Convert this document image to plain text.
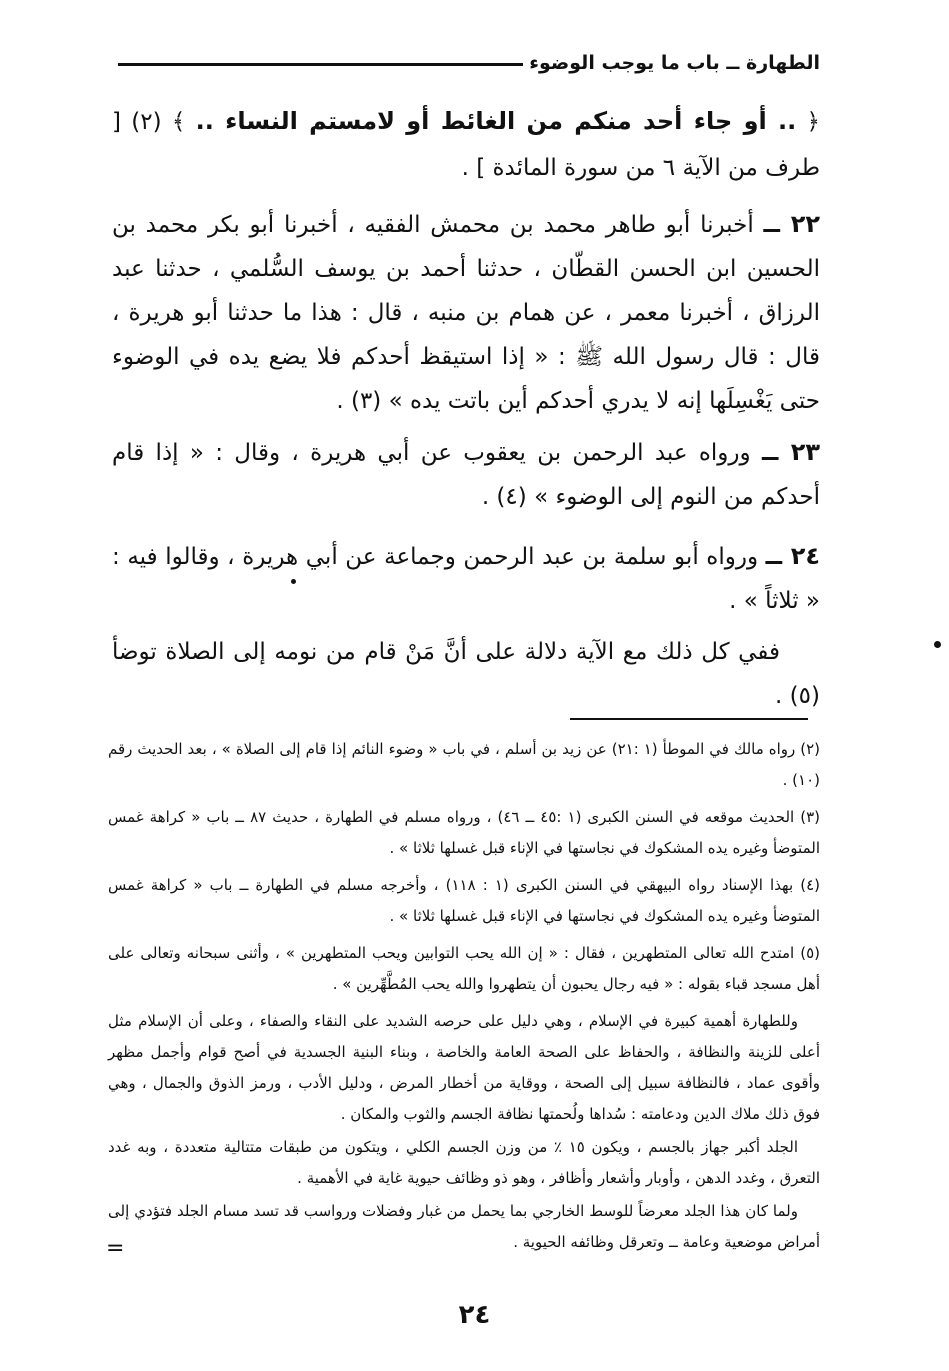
الطهارة ــ باب ما يوجب الوضوء
﴿ .. أو جاء أحد منكم من الغائط أو لامستم النساء .. ﴾ (٢) [ طرف من الآية ٦ من سورة المائدة ] .
٢٢ ــ أخبرنا أبو طاهر محمد بن محمش الفقيه ، أخبرنا أبو بكر محمد بن الحسين ابن الحسن القطّان ، حدثنا أحمد بن يوسف السُّلمي ، حدثنا عبد الرزاق ، أخبرنا معمر ، عن همام بن منبه ، قال : هذا ما حدثنا أبو هريرة ، قال : قال رسول الله ﷺ : « إذا استيقظ أحدكم فلا يضع يده في الوضوء حتى يَغْسِلَها إنه لا يدري أحدكم أين باتت يده » (٣) .
٢٣ ــ ورواه عبد الرحمن بن يعقوب عن أبي هريرة ، وقال : « إذا قام أحدكم من النوم إلى الوضوء » (٤) .
٢٤ ــ ورواه أبو سلمة بن عبد الرحمن وجماعة عن أبي هريرة ، وقالوا فيه : « ثلاثاً » .
ففي كل ذلك مع الآية دلالة على أنَّ مَنْ قام من نومه إلى الصلاة توضأ (٥) .

(٢) رواه مالك في الموطأ (١ :٢١) عن زيد بن أسلم ، في باب « وضوء النائم إذا قام إلى الصلاة » ، بعد الحديث رقم (١٠) .

(٣) الحديث موقعه في السنن الكبرى (١ :٤٥ ــ ٤٦) ، ورواه مسلم في الطهارة ، حديث ٨٧ ــ باب « كراهة غمس المتوضأ وغيره يده المشكوك في نجاستها في الإناء قبل غسلها ثلاثا » .

(٤) بهذا الإسناد رواه البيهقي في السنن الكبرى (١ : ١١٨) ، وأخرجه مسلم في الطهارة ــ باب « كراهة غمس المتوضأ وغيره يده المشكوك في نجاستها في الإناء قبل غسلها ثلاثا » .

(٥) امتدح الله تعالى المتطهرين ، فقال : « إن الله يحب التوابين ويحب المتطهرين » ، وأثنى سبحانه وتعالى على أهل مسجد قباء بقوله : « فيه رجال يحبون أن يتطهروا والله يحب المُطَّهِّرين » .

وللطهارة أهمية كبيرة في الإسلام ، وهي دليل على حرصه الشديد على النقاء والصفاء ، وعلى أن الإسلام مثل أعلى للزينة والنظافة ، والحفاظ على الصحة العامة والخاصة ، وبناء البنية الجسدية في أصح قوام وأجمل مظهر وأقوى عماد ، فالنظافة سبيل إلى الصحة ، ووقاية من أخطار المرض ، ودليل الأدب ، ورمز الذوق والجمال ، وهي فوق ذلك ملاك الدين ودعامته : سُداها ولُحمتها نظافة الجسم والثوب والمكان .

الجلد أكبر جهاز بالجسم ، ويكون ١٥ ٪ من وزن الجسم الكلي ، ويتكون من طبقات متتالية متعددة ، وبه غدد التعرق ، وغدد الدهن ، وأوبار وأشعار وأظافر ، وهو ذو وظائف حيوية غاية في الأهمية .

ولما كان هذا الجلد معرضاً للوسط الخارجي بما يحمل من غبار وفضلات ورواسب قد تسد مسام الجلد فتؤدي إلى أمراض موضعية وعامة ــ وتعرقل وظائفه الحيوية .

=
٢٤
